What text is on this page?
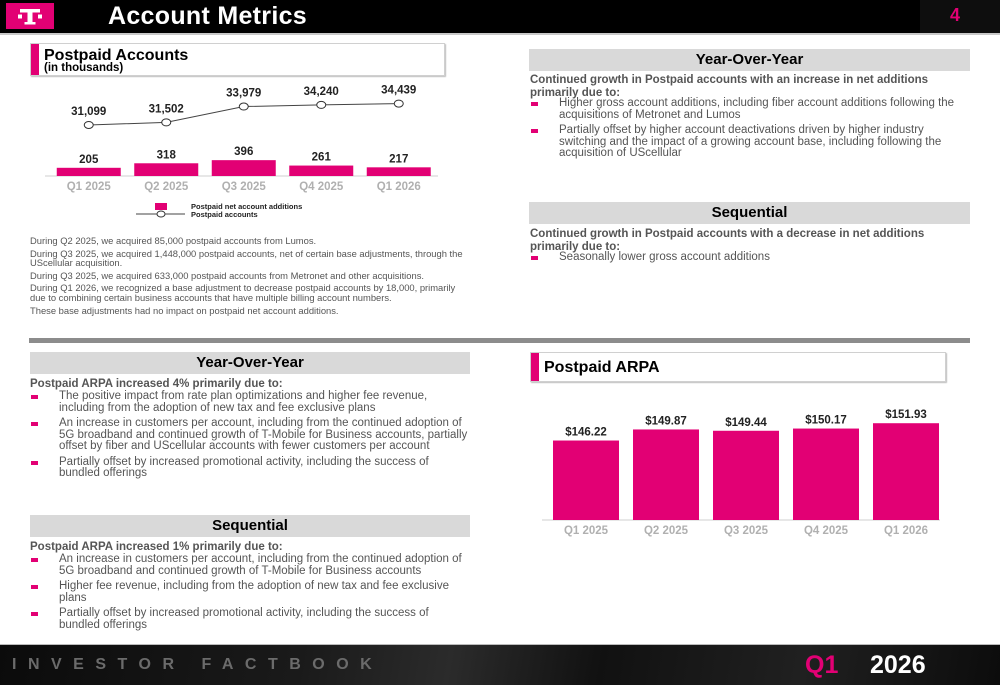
Account Metrics	4
Postpaid Accounts
(in thousands)
205
Q1 2025
318
Q2 2025
396
Q3 2025
261
Q4 2025
217
Q1 2026
31,099	31,502
33,979	34,240	34,439
Postpaid net account additions
Postpaid accounts

During Q2 2025, we acquired 85,000 postpaid accounts from Lumos.

During Q3 2025, we acquired 1,448,000 postpaid accounts, net of certain base adjustments, through the UScellular acquisition.

During Q3 2025, we acquired 633,000 postpaid accounts from Metronet and other acquisitions.

During Q1 2026, we recognized a base adjustment to decrease postpaid accounts by 18,000, primarily due to combining certain business accounts that have multiple billing account numbers.

These base adjustments had no impact on postpaid net account additions.

Year-Over-Year
Continued growth in Postpaid accounts with an increase in net additions primarily due to:
Higher gross account additions, including fiber account additions following the acquisitions of Metronet and Lumos
Partially offset by higher account deactivations driven by higher industry switching and the impact of a growing account base, including following the acquisition of UScellular
Sequential
Continued growth in Postpaid accounts with a decrease in net additions primarily due to:
Seasonally lower gross account additions
Year-Over-Year
Postpaid ARPA increased 4% primarily due to:
The positive impact from rate plan optimizations and higher fee revenue, including from the adoption of new tax and fee exclusive plans
An increase in customers per account, including from the continued adoption of 5G broadband and continued growth of T-Mobile for Business accounts, partially offset by fiber and UScellular accounts with fewer customers per account
Partially offset by increased promotional activity, including the success of bundled offerings
Sequential
Postpaid ARPA increased 1% primarily due to:
An increase in customers per account, including from the continued adoption of 5G broadband and continued growth of T-Mobile for Business accounts
Higher fee revenue, including from the adoption of new tax and fee exclusive plans
Partially offset by increased promotional activity, including the success of bundled offerings
Postpaid ARPA
$146.22
Q1 2025
$149.87
Q2 2025
$149.44
Q3 2025
$150.17
Q4 2025
$151.93
Q1 2026
INVESTOR FACTBOOK	Q1 2026
